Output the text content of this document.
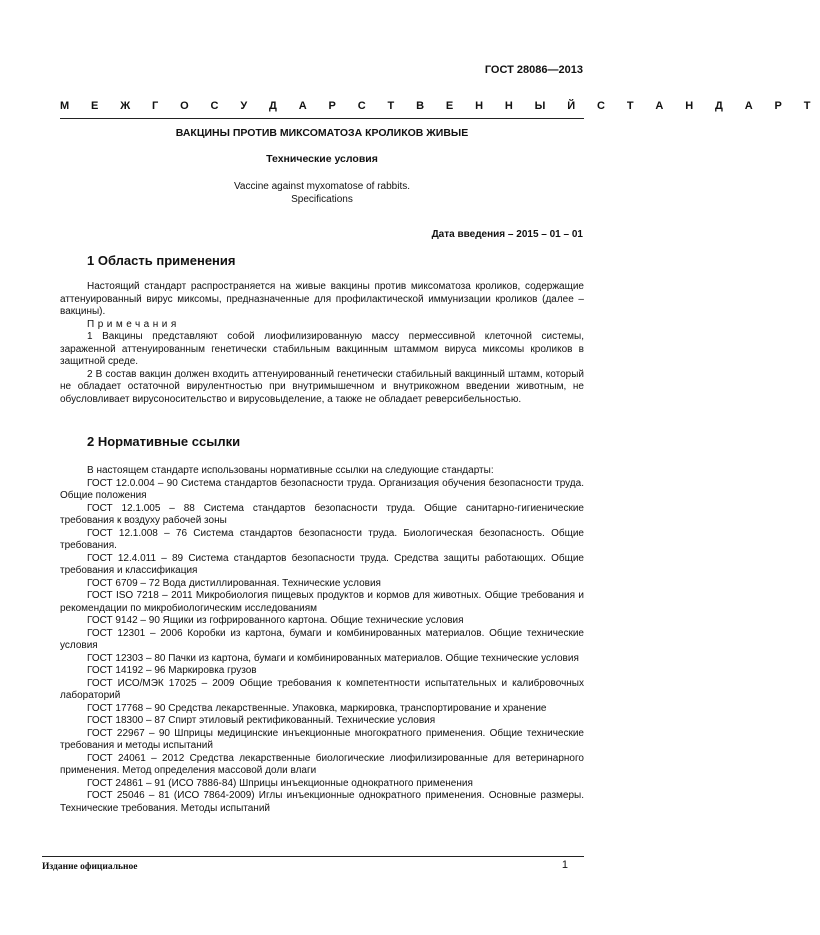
ГОСТ 28086—2013
М Е Ж Г О С У Д А Р С Т В Е Н Н Ы Й С Т А Н Д А Р Т
ВАКЦИНЫ ПРОТИВ МИКСОМАТОЗА КРОЛИКОВ ЖИВЫЕ
Технические условия
Vaccine against myxomatose of rabbits.
Specifications
Дата введения – 2015 – 01 – 01
1 Область применения

Настоящий стандарт распространяется на живые вакцины против миксоматоза кроликов, содержащие аттенуированный вирус миксомы, предназначенные для профилактической иммунизации кроликов (далее – вакцины).

Примечания

1 Вакцины представляют собой лиофилизированную массу пермессивной клеточной системы, зараженной аттенуированным генетически стабильным вакцинным штаммом вируса миксомы кроликов в защитной среде.

2 В состав вакцин должен входить аттенуированный генетически стабильный вакцинный штамм, который не обладает остаточной вирулентностью при внутримышечном и внутрикожном введении животным, не обусловливает вирусоносительство и вирусовыделение, а также не обладает реверсибельностью.

2 Нормативные ссылки

В настоящем стандарте использованы нормативные ссылки на следующие стандарты:

ГОСТ 12.0.004 – 90 Система стандартов безопасности труда. Организация обучения безопасности труда. Общие положения

ГОСТ 12.1.005 – 88 Система стандартов безопасности труда. Общие санитарно-гигиенические требования к воздуху рабочей зоны

ГОСТ 12.1.008 – 76 Система стандартов безопасности труда. Биологическая безопасность. Общие требования.

ГОСТ 12.4.011 – 89 Система стандартов безопасности труда. Средства защиты работающих. Общие требования и классификация

ГОСТ 6709 – 72 Вода дистиллированная. Технические условия

ГОСТ ISO 7218 – 2011 Микробиология пищевых продуктов и кормов для животных. Общие требования и рекомендации по микробиологическим исследованиям

ГОСТ 9142 – 90 Ящики из гофрированного картона. Общие технические условия

ГОСТ 12301 – 2006 Коробки из картона, бумаги и комбинированных материалов. Общие технические условия

ГОСТ 12303 – 80 Пачки из картона, бумаги и комбинированных материалов. Общие технические условия

ГОСТ 14192 – 96 Маркировка грузов

ГОСТ ИСО/МЭК 17025 – 2009 Общие требования к компетентности испытательных и калибровочных лабораторий

ГОСТ 17768 – 90 Средства лекарственные. Упаковка, маркировка, транспортирование и хранение

ГОСТ 18300 – 87 Спирт этиловый ректификованный. Технические условия

ГОСТ 22967 – 90 Шприцы медицинские инъекционные многократного применения. Общие технические требования и методы испытаний

ГОСТ 24061 – 2012 Средства лекарственные биологические лиофилизированные для ветеринарного применения. Метод определения массовой доли влаги

ГОСТ 24861 – 91 (ИСО 7886-84) Шприцы инъекционные однократного применения

ГОСТ 25046 – 81 (ИСО 7864-2009) Иглы инъекционные однократного применения. Основные размеры. Технические требования. Методы испытаний

Издание официальное	1
